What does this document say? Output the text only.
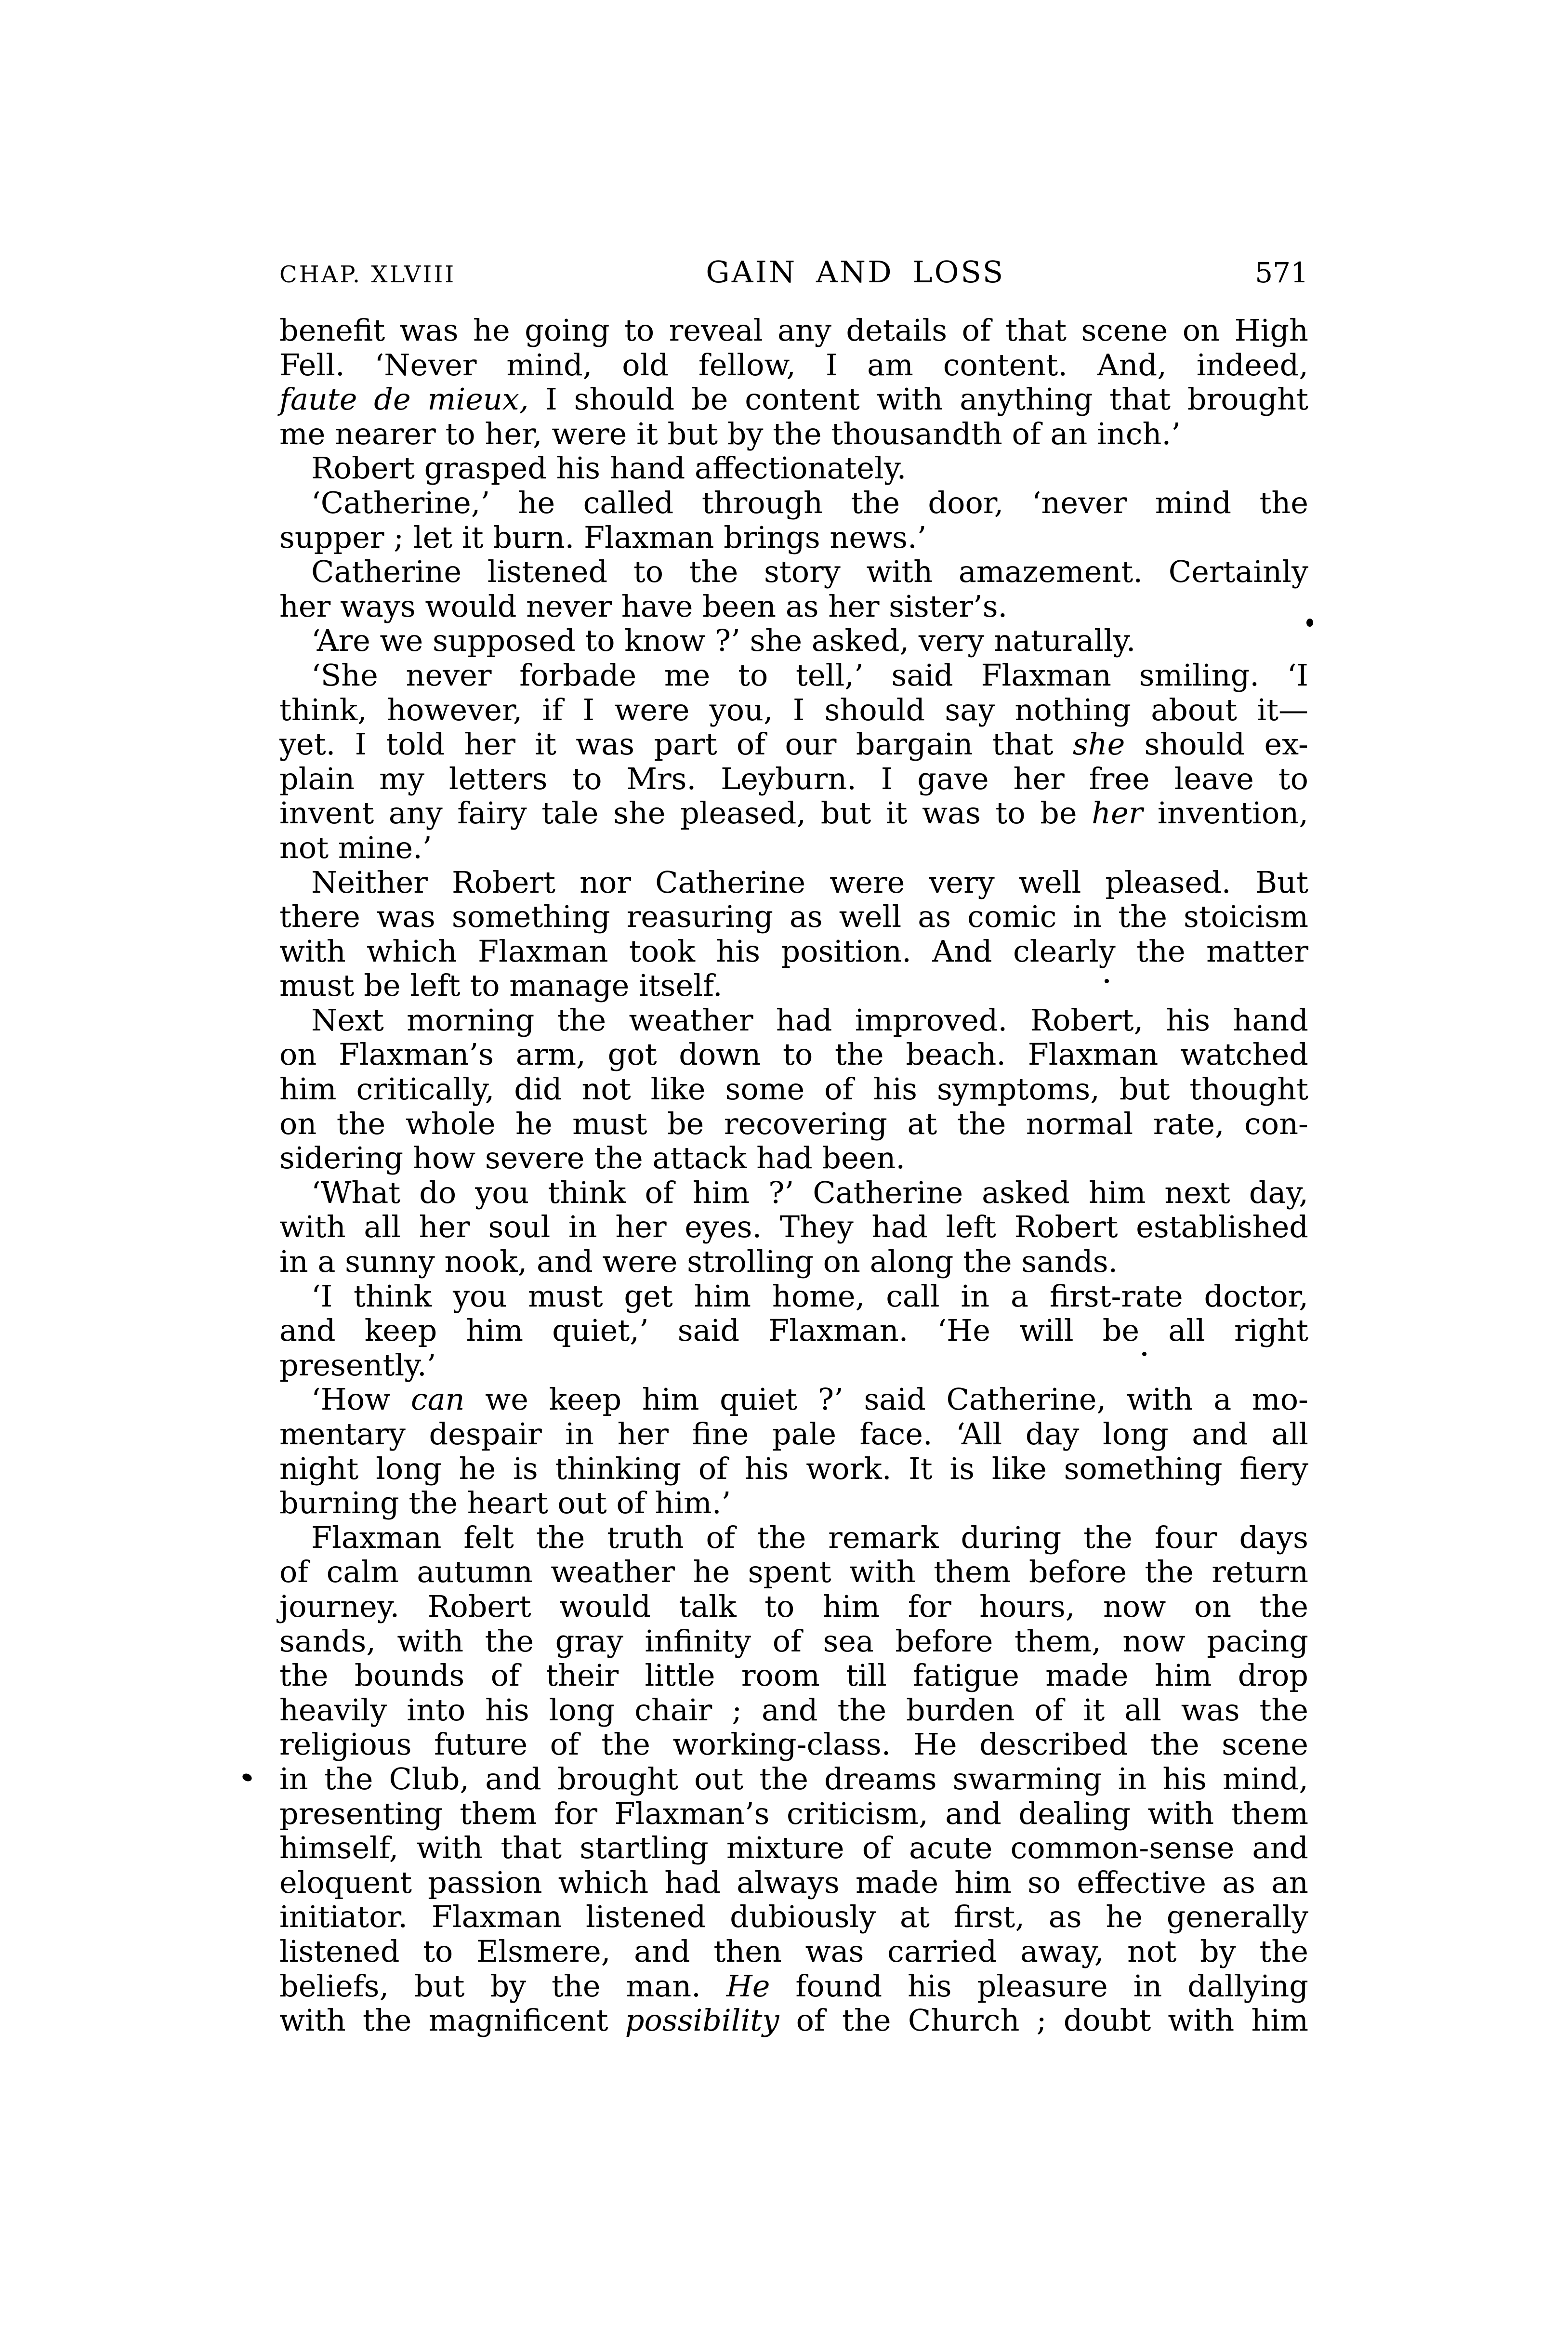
CHAP. XLVIII	GAIN AND LOSS	571
benefit was he going to reveal any details of that scene on High
Fell. ‘Never mind, old fellow, I am content. And, indeed,
faute de mieux, I should be content with anything that brought
me nearer to her, were it but by the thousandth of an inch.’
Robert grasped his hand affectionately.
‘Catherine,’ he called through the door, ‘never mind the
supper ; let it burn. Flaxman brings news.’
Catherine listened to the story with amazement. Certainly
her ways would never have been as her sister’s.
‘Are we supposed to know ?’ she asked, very naturally.
‘She never forbade me to tell,’ said Flaxman smiling. ‘I
think, however, if I were you, I should say nothing about it—
yet. I told her it was part of our bargain that she should ex-
plain my letters to Mrs. Leyburn. I gave her free leave to
invent any fairy tale she pleased, but it was to be her invention,
not mine.’
Neither Robert nor Catherine were very well pleased. But
there was something reasuring as well as comic in the stoicism
with which Flaxman took his position. And clearly the matter
must be left to manage itself.
Next morning the weather had improved. Robert, his hand
on Flaxman’s arm, got down to the beach. Flaxman watched
him critically, did not like some of his symptoms, but thought
on the whole he must be recovering at the normal rate, con-
sidering how severe the attack had been.
‘What do you think of him ?’ Catherine asked him next day,
with all her soul in her eyes. They had left Robert established
in a sunny nook, and were strolling on along the sands.
‘I think you must get him home, call in a first-rate doctor,
and keep him quiet,’ said Flaxman. ‘He will be all right
presently.’
‘How can we keep him quiet ?’ said Catherine, with a mo-
mentary despair in her fine pale face. ‘All day long and all
night long he is thinking of his work. It is like something fiery
burning the heart out of him.’
Flaxman felt the truth of the remark during the four days
of calm autumn weather he spent with them before the return
journey. Robert would talk to him for hours, now on the
sands, with the gray infinity of sea before them, now pacing
the bounds of their little room till fatigue made him drop
heavily into his long chair ; and the burden of it all was the
religious future of the working-class. He described the scene
in the Club, and brought out the dreams swarming in his mind,
presenting them for Flaxman’s criticism, and dealing with them
himself, with that startling mixture of acute common-sense and
eloquent passion which had always made him so effective as an
initiator. Flaxman listened dubiously at first, as he generally
listened to Elsmere, and then was carried away, not by the
beliefs, but by the man. He found his pleasure in dallying
with the magnificent possibility of the Church ; doubt with him
